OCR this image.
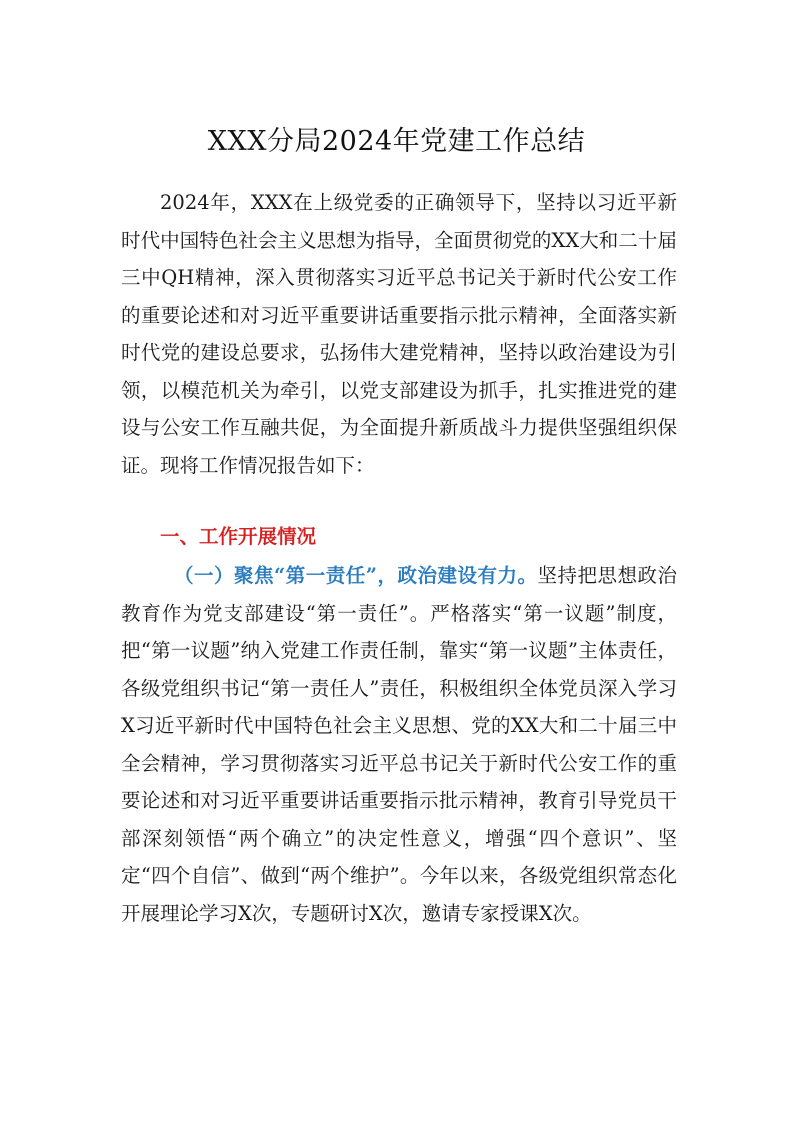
XXX分局2024年党建工作总结

2024年，XXX在上级党委的正确领导下，坚持以习近平新时代中国特色社会主义思想为指导，全面贯彻党的XX大和二十届三中QH精神，深入贯彻落实习近平总书记关于新时代公安工作的重要论述和对习近平重要讲话重要指示批示精神，全面落实新时代党的建设总要求，弘扬伟大建党精神，坚持以政治建设为引领，以模范机关为牵引，以党支部建设为抓手，扎实推进党的建设与公安工作互融共促，为全面提升新质战斗力提供坚强组织保证。现将工作情况报告如下：

一、工作开展情况

（一）聚焦“第一责任”，政治建设有力。坚持把思想政治教育作为党支部建设“第一责任”。严格落实“第一议题”制度，把“第一议题”纳入党建工作责任制，靠实“第一议题”主体责任，各级党组织书记“第一责任人”责任，积极组织全体党员深入学习X习近平新时代中国特色社会主义思想、党的XX大和二十届三中全会精神，学习贯彻落实习近平总书记关于新时代公安工作的重要论述和对习近平重要讲话重要指示批示精神，教育引导党员干部深刻领悟“两个确立”的决定性意义，增强“四个意识”、坚定“四个自信”、做到“两个维护”。今年以来，各级党组织常态化开展理论学习X次，专题研讨X次，邀请专家授课X次。
